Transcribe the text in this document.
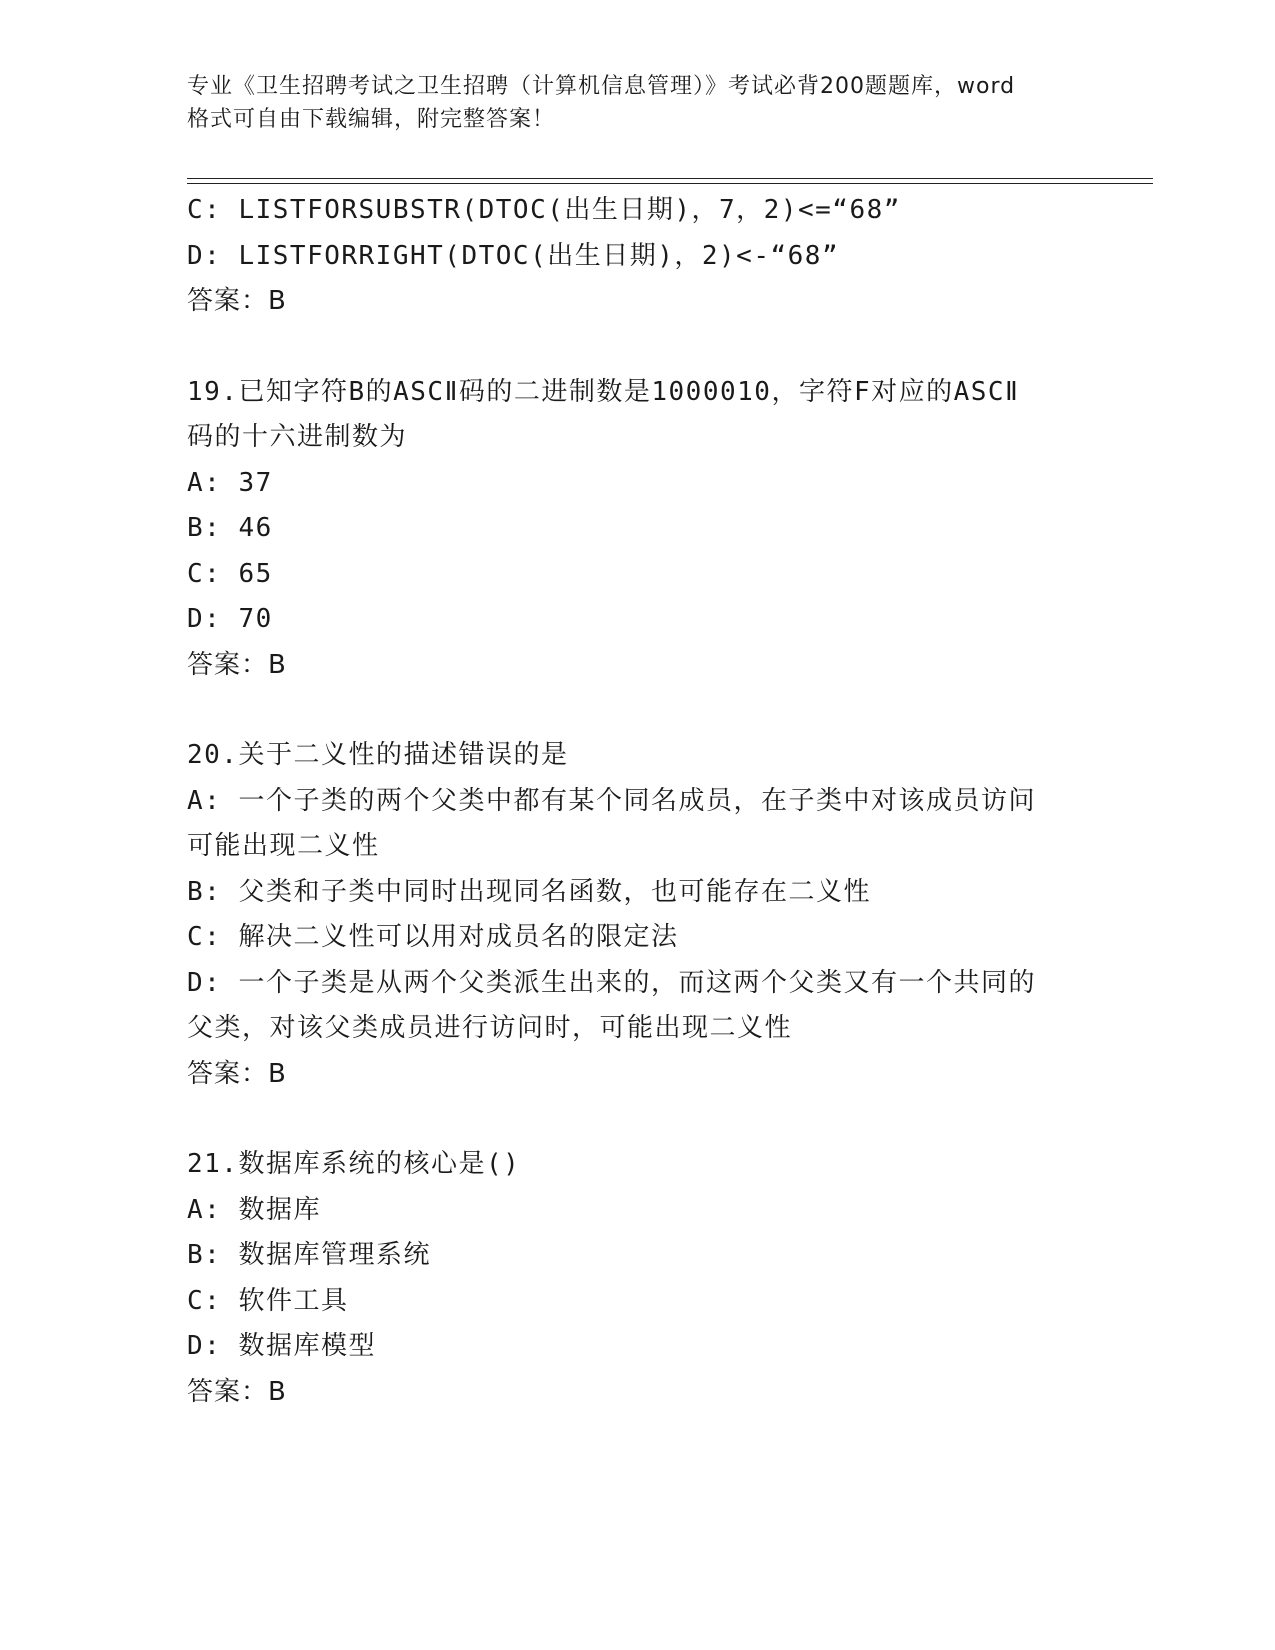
专业《卫生招聘考试之卫生招聘（计算机信息管理）》考试必背200题题库，word
格式可自由下载编辑，附完整答案！
C: LISTFORSUBSTR(DTOC(出生日期)，7，2)<=“68”
D: LISTFORRIGHT(DTOC(出生日期)，2)<-“68”
答案：B
19.已知字符B的ASCⅡ码的二进制数是1000010，字符F对应的ASCⅡ
码的十六进制数为
A: 37
B: 46
C: 65
D: 70
答案：B
20.关于二义性的描述错误的是
A: 一个子类的两个父类中都有某个同名成员，在子类中对该成员访问
可能出现二义性
B: 父类和子类中同时出现同名函数，也可能存在二义性
C: 解决二义性可以用对成员名的限定法
D: 一个子类是从两个父类派生出来的，而这两个父类又有一个共同的
父类，对该父类成员进行访问时，可能出现二义性
答案：B
21.数据库系统的核心是()
A: 数据库
B: 数据库管理系统
C: 软件工具
D: 数据库模型
答案：B
